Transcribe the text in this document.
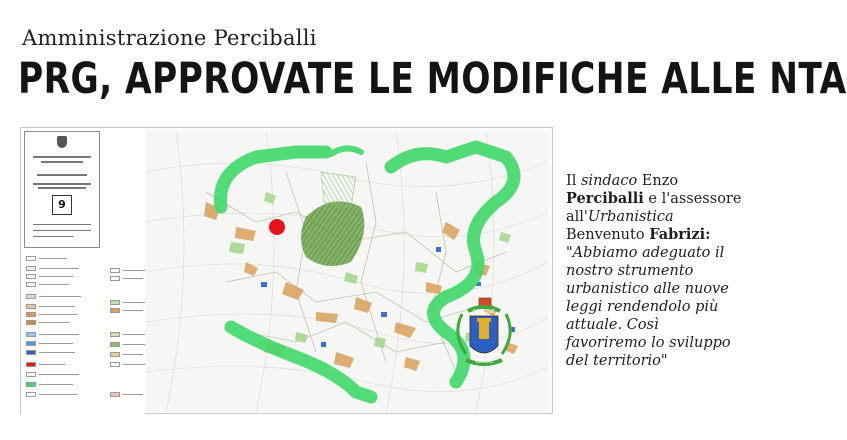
Amministrazione Perciballi
PRG, APPROVATE LE MODIFICHE ALLE NTA
9
COMUNE
VEROLI
Il sindaco Enzo Perciballi e l'assessore all'Urbanistica Benvenuto Fabrizi: "Abbiamo adeguato il nostro strumento urbanistico alle nuove leggi rendendolo più attuale. Così favoriremo lo sviluppo del territorio"
